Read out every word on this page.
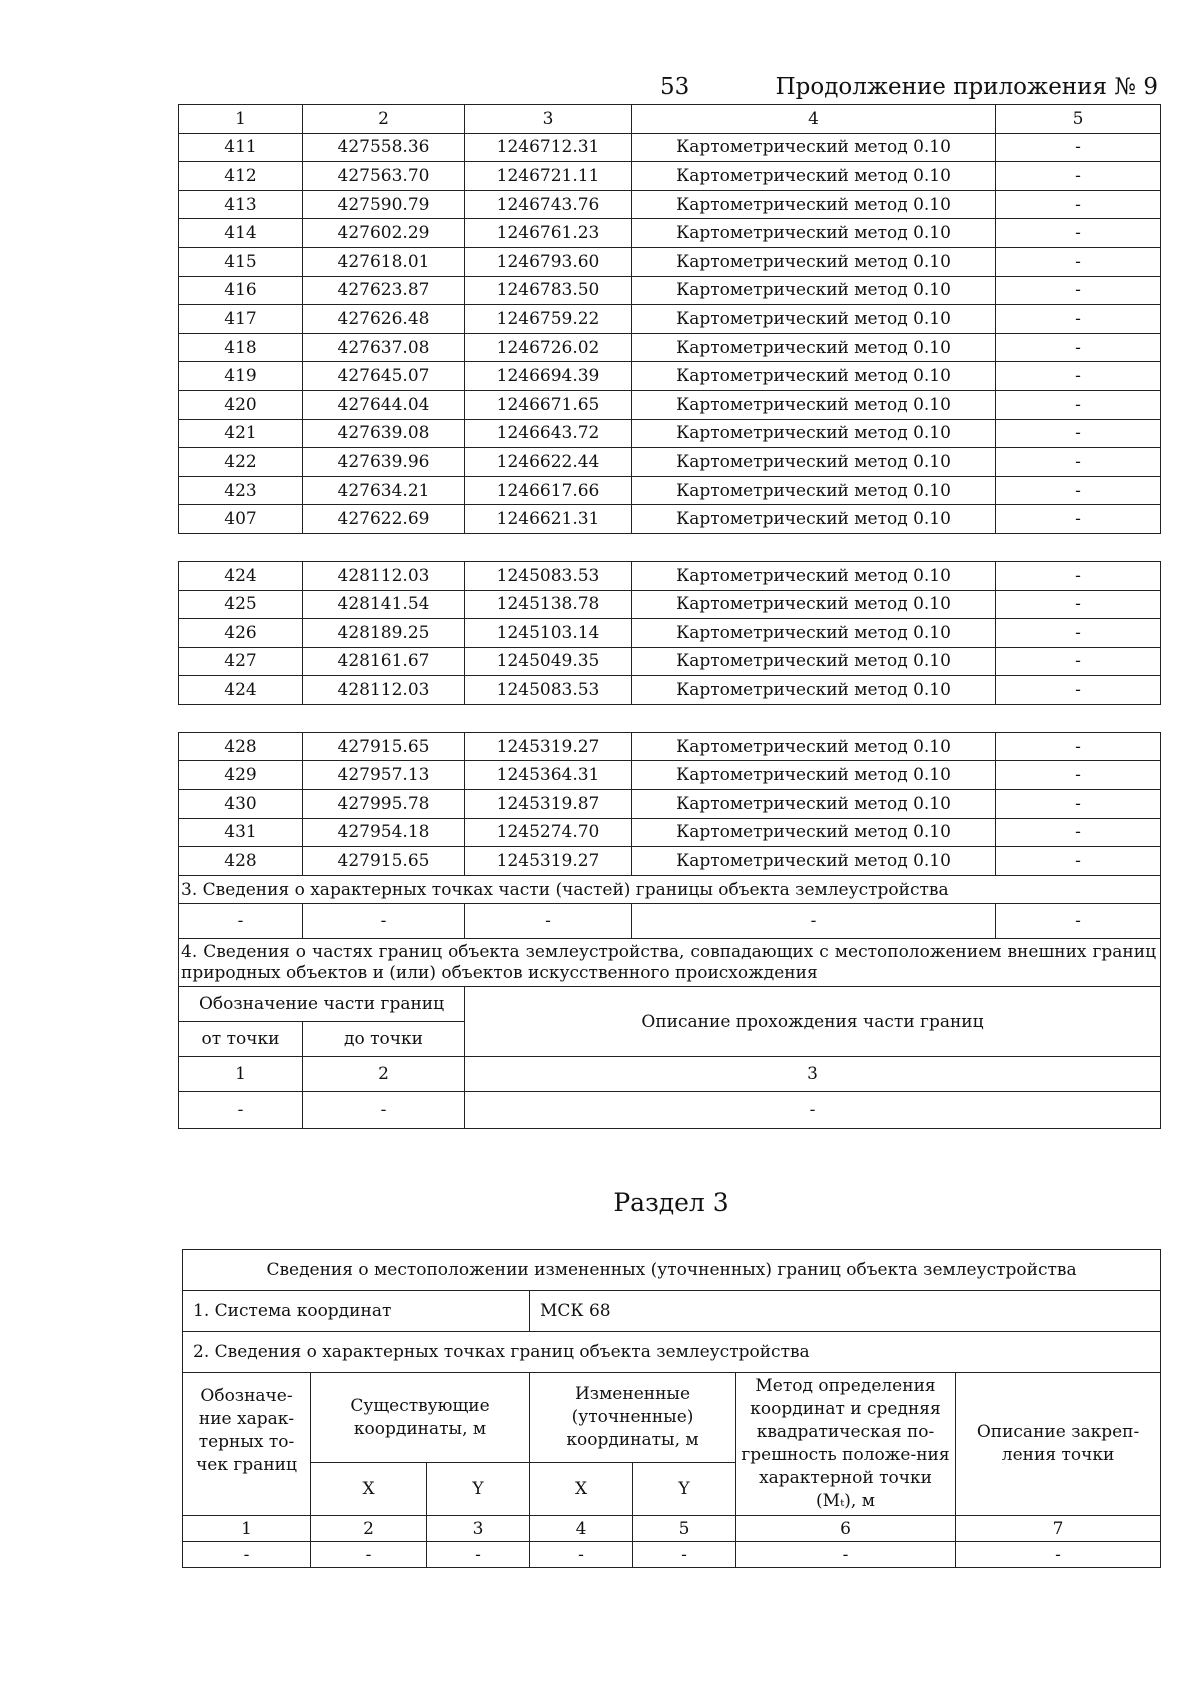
53	Продолжение приложения № 9
1	2	3	4	5
411	427558.36	1246712.31	Картометрический метод 0.10	-
412	427563.70	1246721.11	Картометрический метод 0.10	-
413	427590.79	1246743.76	Картометрический метод 0.10	-
414	427602.29	1246761.23	Картометрический метод 0.10	-
415	427618.01	1246793.60	Картометрический метод 0.10	-
416	427623.87	1246783.50	Картометрический метод 0.10	-
417	427626.48	1246759.22	Картометрический метод 0.10	-
418	427637.08	1246726.02	Картометрический метод 0.10	-
419	427645.07	1246694.39	Картометрический метод 0.10	-
420	427644.04	1246671.65	Картометрический метод 0.10	-
421	427639.08	1246643.72	Картометрический метод 0.10	-
422	427639.96	1246622.44	Картометрический метод 0.10	-
423	427634.21	1246617.66	Картометрический метод 0.10	-
407	427622.69	1246621.31	Картометрический метод 0.10	-

424	428112.03	1245083.53	Картометрический метод 0.10	-
425	428141.54	1245138.78	Картометрический метод 0.10	-
426	428189.25	1245103.14	Картометрический метод 0.10	-
427	428161.67	1245049.35	Картометрический метод 0.10	-
424	428112.03	1245083.53	Картометрический метод 0.10	-

428	427915.65	1245319.27	Картометрический метод 0.10	-
429	427957.13	1245364.31	Картометрический метод 0.10	-
430	427995.78	1245319.87	Картометрический метод 0.10	-
431	427954.18	1245274.70	Картометрический метод 0.10	-
428	427915.65	1245319.27	Картометрический метод 0.10	-
3. Сведения о характерных точках части (частей) границы объекта землеустройства				
-	-	-	-	-
4. Сведения о частях границ объекта землеустройства, совпадающих с местоположением внешних границ природных объектов и (или) объектов искусственного происхождения				
Обозначение части границ		Описание прохождения части границ		
от точки	до точки			
1	2	3		
-	-	-		
Раздел 3
Сведения о местоположении измененных (уточненных) границ объекта землеустройства						
1. Система координат			МСК 68			
2. Сведения о характерных точках границ объекта землеустройства						
Обозначе-ние харак-терных то-чек границ	Существующие координаты, м		Измененные (уточненные) координаты, м		Метод определения координат и средняя квадратическая по-грешность положе-ния характерной точки (Mₜ), м	Описание закреп-ления точки
	X	Y	X	Y		
1	2	3	4	5	6	7
-	-	-	-	-	-	-
